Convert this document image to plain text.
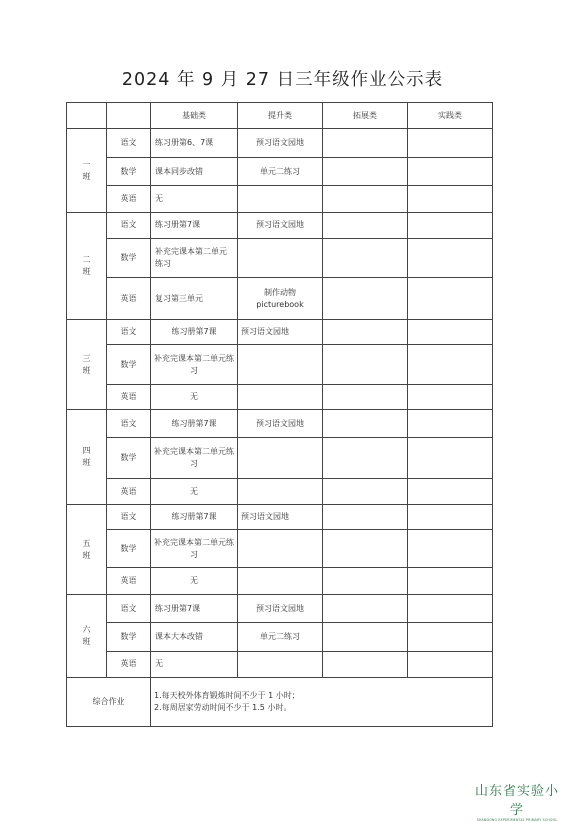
2024 年 9 月 27 日三年级作业公示表
		基础类	提升类	拓展类	实践类
一
班	语文	练习册第6、7课	预习语文园地		
	数学	课本同步改错	单元二练习		
	英语	无			
二
班	语文	练习册第7课	预习语文园地		
	数学	补充完课本第二单元练习			
	英语	复习第三单元	制作动物
picturebook		
三
班	语文	练习册第7课	预习语文园地		
	数学	补充完课本第二单元练习			
	英语	无			
四
班	语文	练习册第7课	预习语文园地		
	数学	补充完课本第二单元练习			
	英语	无			
五
班	语文	练习册第7课	预习语文园地		
	数学	补充完课本第二单元练习			
	英语	无			
六
班	语文	练习册第7课	预习语文园地		
	数学	课本大本改错	单元二练习		
	英语	无			
综合作业		1.每天校外体育锻炼时间不少于 1 小时；
2.每周居家劳动时间不少于 1.5 小时。			
山东省实验小学
SHANDONG EXPERIMENTAL PRIMARY SCHOOL
